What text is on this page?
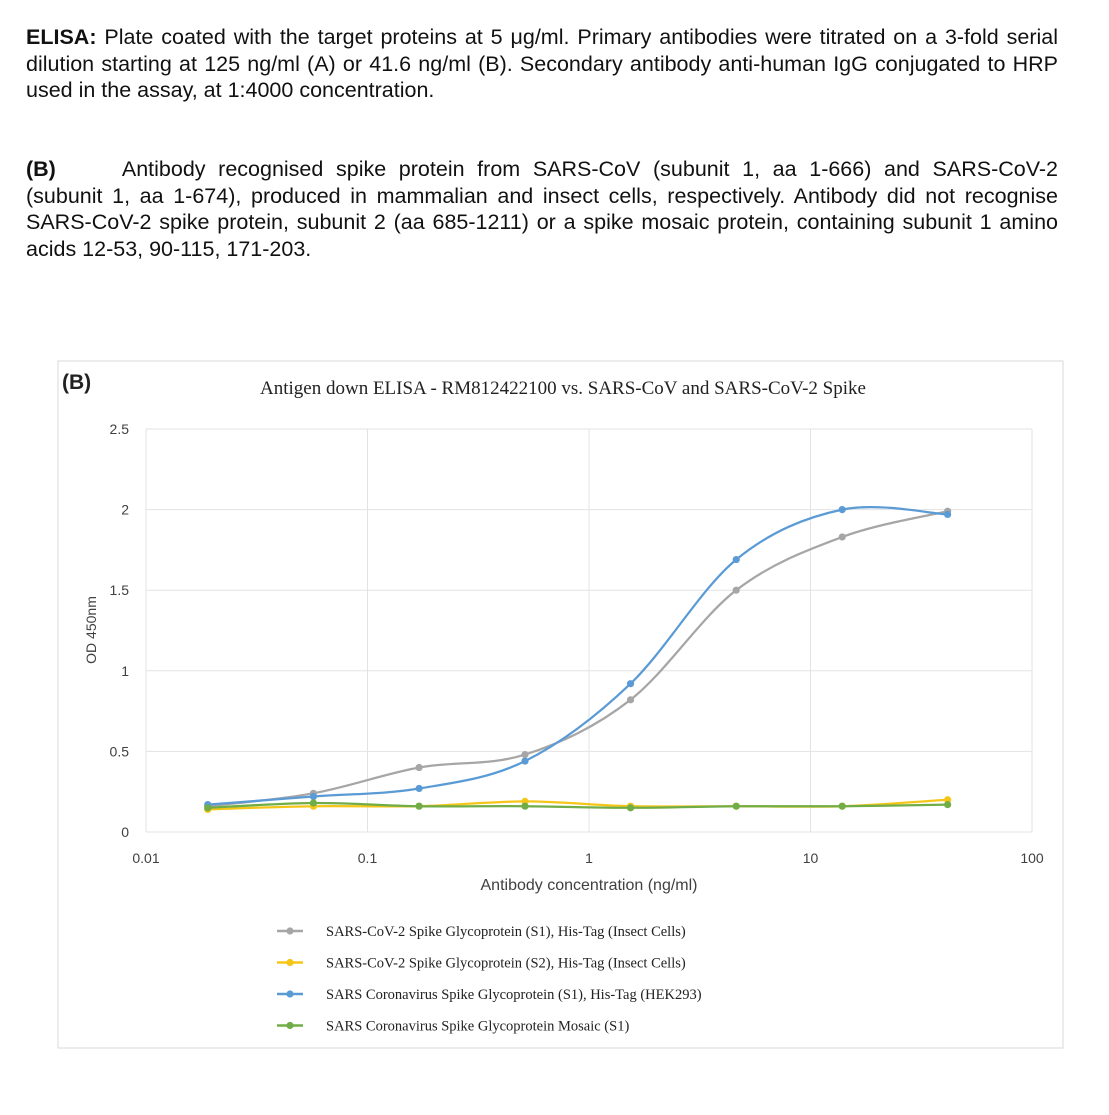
ELISA: Plate coated with the target proteins at 5 μg/ml. Primary antibodies were titrated on a 3-fold serial dilution starting at 125 ng/ml (A) or 41.6 ng/ml (B). Secondary antibody anti-human IgG conjugated to HRP used in the assay, at 1:4000 concentration.

(B)	Antibody recognised spike protein from SARS-CoV (subunit 1, aa 1-666) and SARS-CoV-2 (subunit 1, aa 1-674), produced in mammalian and insect cells, respectively. Antibody did not recognise SARS-CoV-2 spike protein, subunit 2 (aa 685-1211) or a spike mosaic protein, containing subunit 1 amino acids 12-53, 90-115, 171-203.

(B)	Antigen down ELISA - RM812422100 vs. SARS-CoV and SARS-CoV-2 Spike
0
0.5
1
1.5
2
2.5
0.01	0.1	1	10	100
OD 450nm
Antibody concentration (ng/ml)
SARS-CoV-2 Spike Glycoprotein (S1), His-Tag (Insect Cells)
SARS-CoV-2 Spike Glycoprotein (S2), His-Tag (Insect Cells)
SARS Coronavirus Spike Glycoprotein (S1), His-Tag (HEK293)
SARS Coronavirus Spike Glycoprotein Mosaic (S1)
